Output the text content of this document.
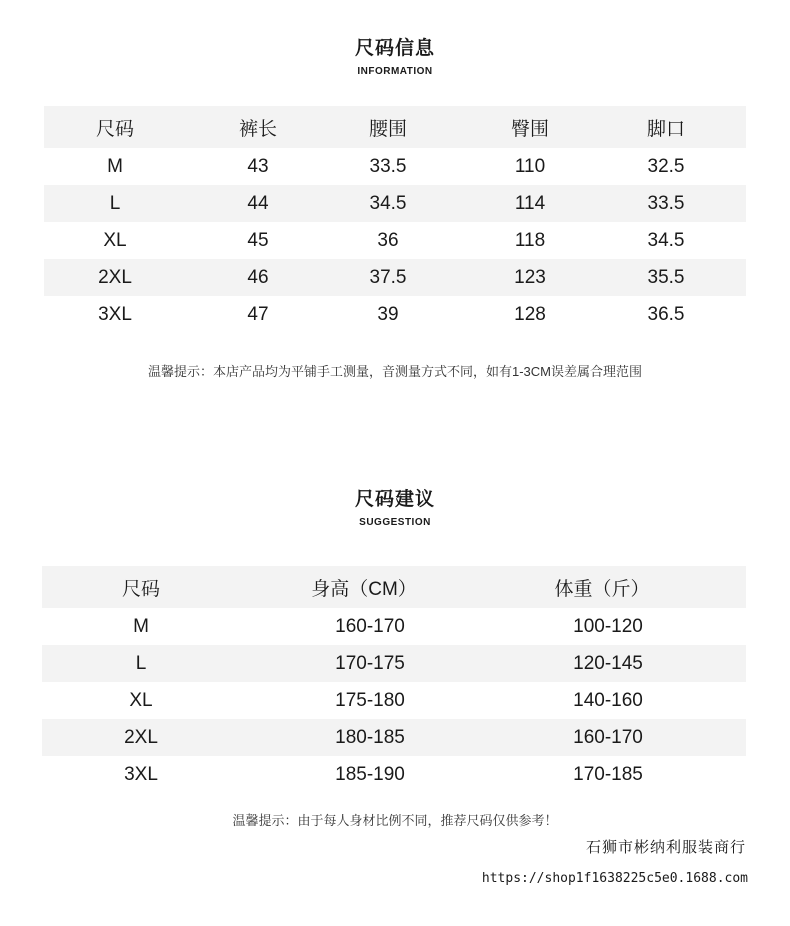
尺码信息
INFORMATION
尺码	裤长	腰围	臀围	脚口
M	43	33.5	110	32.5
L	44	34.5	114	33.5
XL	45	36	118	34.5
2XL	46	37.5	123	35.5
3XL	47	39	128	36.5
温馨提示：本店产品均为平铺手工测量，音测量方式不同，如有1-3CM误差属合理范围
尺码建议
SUGGESTION
尺码	身高（CM）	体重（斤）
M	160-170	100-120
L	170-175	120-145
XL	175-180	140-160
2XL	180-185	160-170
3XL	185-190	170-185
温馨提示：由于每人身材比例不同，推荐尺码仅供参考！
石狮市彬纳利服装商行
https://shop1f1638225c5e0.1688.com
